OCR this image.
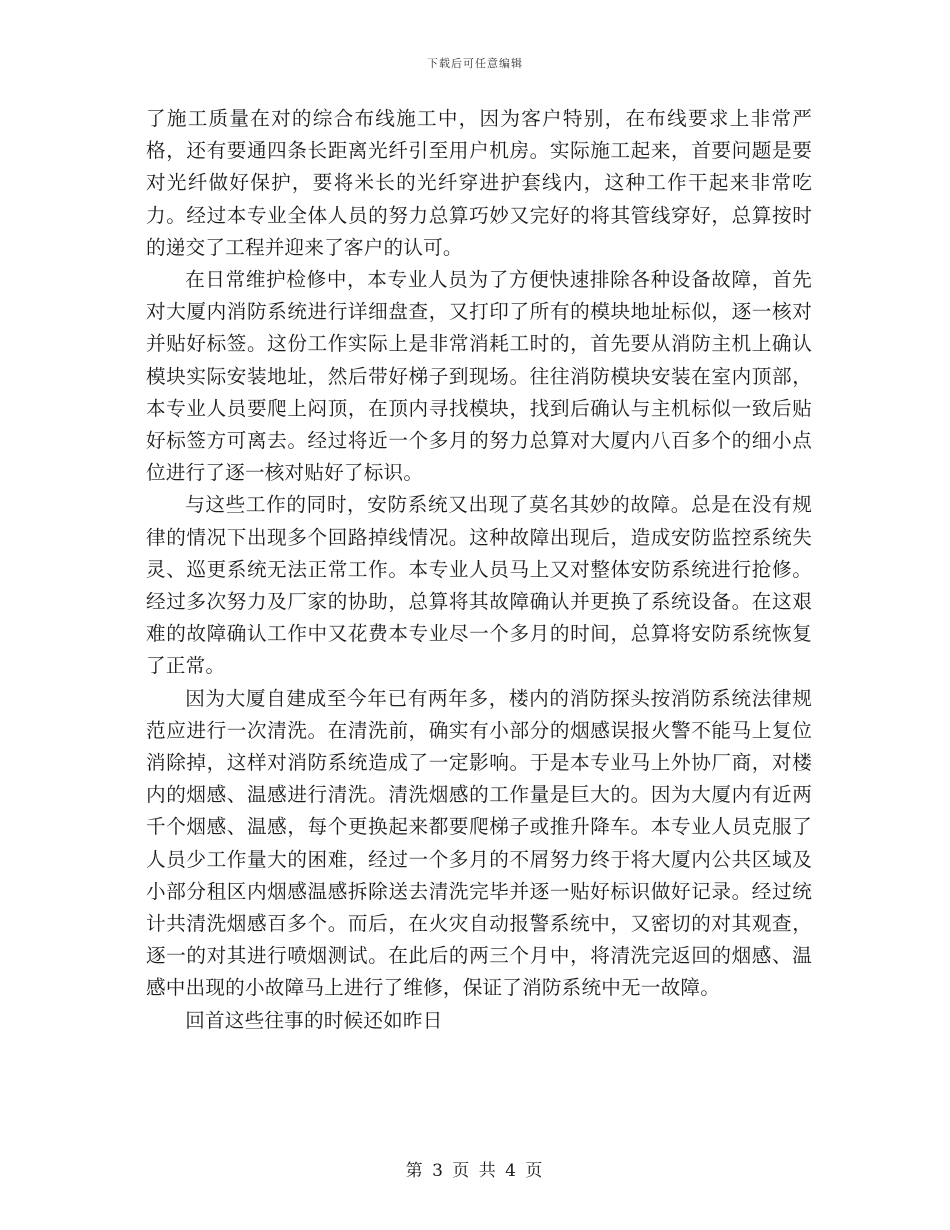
下载后可任意编辑

了施工质量在对的综合布线施工中，因为客户特别，在布线要求上非常严格，还有要通四条长距离光纤引至用户机房。实际施工起来，首要问题是要对光纤做好保护，要将米长的光纤穿进护套线内，这种工作干起来非常吃力。经过本专业全体人员的努力总算巧妙又完好的将其管线穿好，总算按时的递交了工程并迎来了客户的认可。

在日常维护检修中，本专业人员为了方便快速排除各种设备故障，首先对大厦内消防系统进行详细盘查，又打印了所有的模块地址标似，逐一核对并贴好标签。这份工作实际上是非常消耗工时的，首先要从消防主机上确认模块实际安装地址，然后带好梯子到现场。往往消防模块安装在室内顶部，本专业人员要爬上闷顶，在顶内寻找模块，找到后确认与主机标似一致后贴好标签方可离去。经过将近一个多月的努力总算对大厦内八百多个的细小点位进行了逐一核对贴好了标识。

与这些工作的同时，安防系统又出现了莫名其妙的故障。总是在没有规律的情况下出现多个回路掉线情况。这种故障出现后，造成安防监控系统失灵、巡更系统无法正常工作。本专业人员马上又对整体安防系统进行抢修。经过多次努力及厂家的协助，总算将其故障确认并更换了系统设备。在这艰难的故障确认工作中又花费本专业尽一个多月的时间，总算将安防系统恢复了正常。

因为大厦自建成至今年已有两年多，楼内的消防探头按消防系统法律规范应进行一次清洗。在清洗前，确实有小部分的烟感误报火警不能马上复位消除掉，这样对消防系统造成了一定影响。于是本专业马上外协厂商，对楼内的烟感、温感进行清洗。清洗烟感的工作量是巨大的。因为大厦内有近两千个烟感、温感，每个更换起来都要爬梯子或推升降车。本专业人员克服了人员少工作量大的困难，经过一个多月的不屑努力终于将大厦内公共区域及小部分租区内烟感温感拆除送去清洗完毕并逐一贴好标识做好记录。经过统计共清洗烟感百多个。而后，在火灾自动报警系统中，又密切的对其观查，逐一的对其进行喷烟测试。在此后的两三个月中，将清洗完返回的烟感、温感中出现的小故障马上进行了维修，保证了消防系统中无一故障。

回首这些往事的时候还如昨日

第 3 页 共 4 页
